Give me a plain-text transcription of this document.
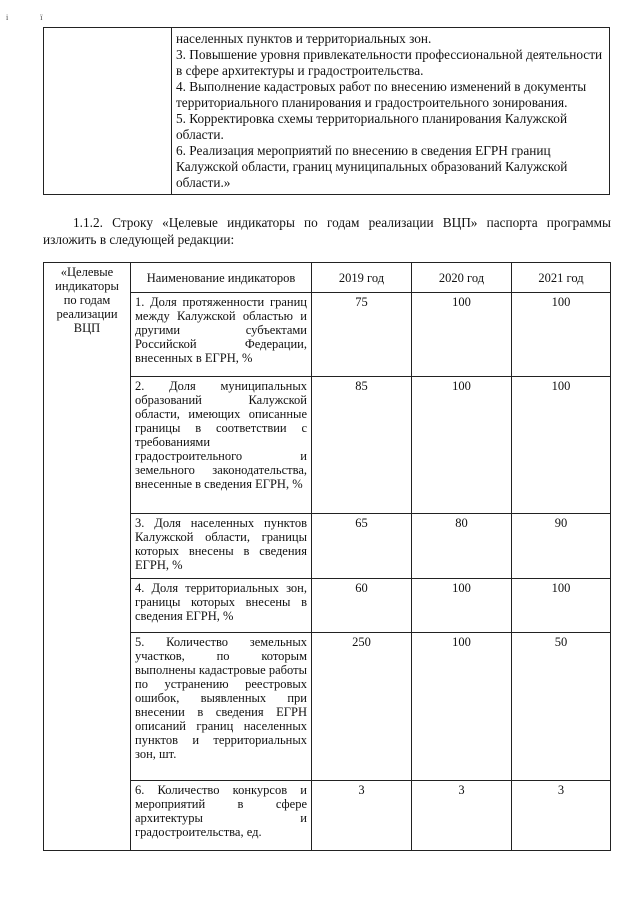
i	ї

населенных пунктов и территориальных зон.
3. Повышение уровня привлекательности профессиональной деятельности в сфере архитектуры и градостроительства.
4. Выполнение кадастровых работ по внесению изменений в документы территориального планирования и градостроительного зонирования.
5. Корректировка схемы территориального планирования Калужской области.
6. Реализация мероприятий по внесению в сведения ЕГРН границ Калужской области, границ муниципальных образований Калужской области.»
1.1.2. Строку «Целевые индикаторы по годам реализации ВЦП» паспорта программы изложить в следующей редакции:
«Целевые индикаторы по годам реализации ВЦП	Наименование индикаторов	2019 год	2020 год	2021 год
	1. Доля протяженности границ между Калужской областью и другими субъектами Российской Федерации, внесенных в ЕГРН, %	75	100	100
	2. Доля муниципальных образований Калужской области, имеющих описанные границы в соответствии с требованиями градостроительного и земельного законодательства, внесенные в сведения ЕГРН, %	85	100	100
	3. Доля населенных пунктов Калужской области, границы которых внесены в сведения ЕГРН, %	65	80	90
	4. Доля территориальных зон, границы которых внесены в сведения ЕГРН, %	60	100	100
	5. Количество земельных участков, по которым выполнены кадастровые работы по устранению реестровых ошибок, выявленных при внесении в сведения ЕГРН описаний границ населенных пунктов и территориальных зон, шт.	250	100	50
	6. Количество конкурсов и мероприятий в сфере архитектуры и градостроительства, ед.	3	3	3
